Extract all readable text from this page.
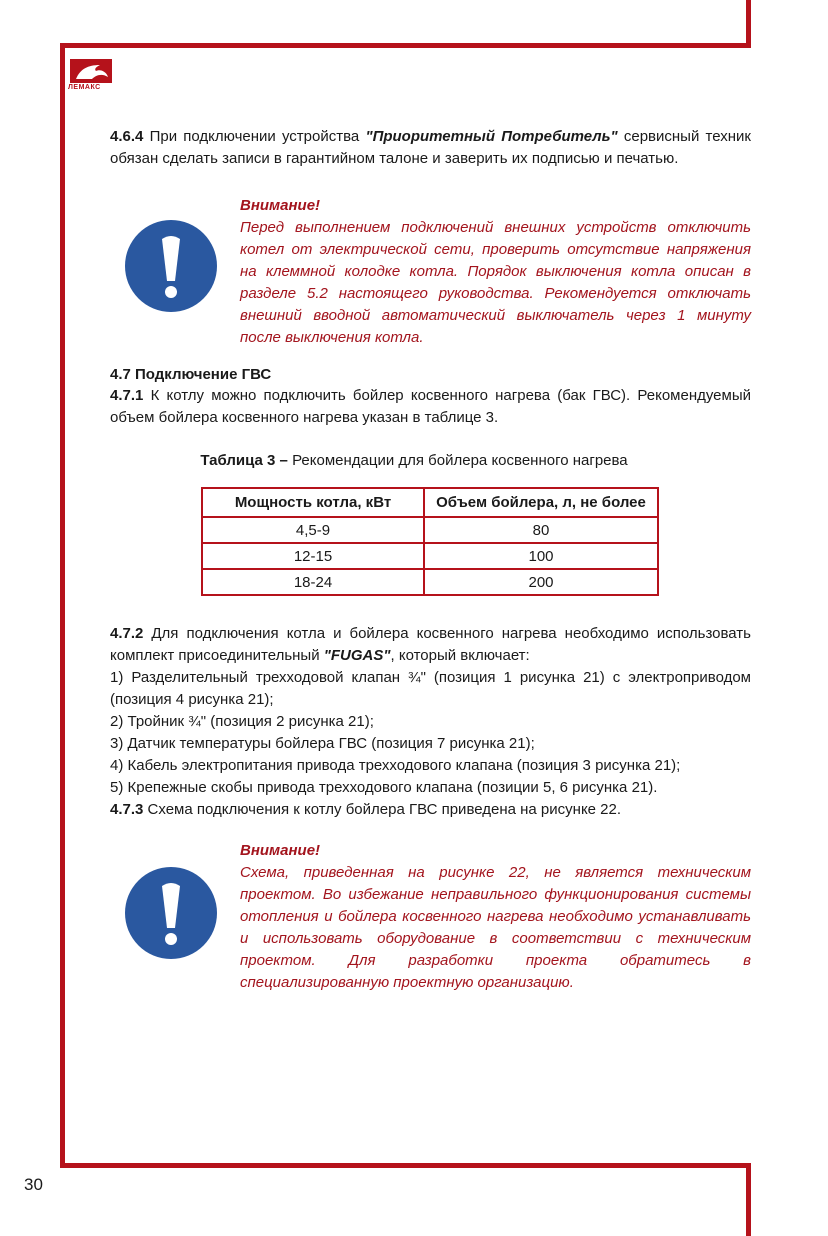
ЛЕМАКС

4.6.4 При подключении устройства "Приоритетный Потребитель" сервисный техник обязан сделать записи в гарантийном талоне и заверить их подписью и печатью.

Внимание!
Перед выполнением подключений внешних устройств отключить котел от электрической сети, проверить отсутствие напряжения на клеммной колодке котла. Порядок выключения котла описан в разделе 5.2 настоящего руководства. Рекомендуется отключать внешний вводной автоматический выключатель через 1 минуту после выключения котла.
4.7 Подключение ГВС

4.7.1 К котлу можно подключить бойлер косвенного нагрева (бак ГВС). Рекомендуемый объем бойлера косвенного нагрева указан в таблице 3.

Таблица 3 – Рекомендации для бойлера косвенного нагрева
Мощность котла, кВт	Объем бойлера, л, не более
4,5-9	80
12-15	100
18-24	200
4.7.2 Для подключения котла и бойлера косвенного нагрева необходимо использовать комплект присоединительный "FUGAS", который включает:
1) Разделительный трехходовой клапан ¾" (позиция 1 рисунка 21) с электроприводом (позиция 4 рисунка 21);
2) Тройник ¾" (позиция 2 рисунка 21);
3) Датчик температуры бойлера ГВС (позиция 7 рисунка 21);
4) Кабель электропитания привода трехходового клапана (позиция 3 рисунка 21);
5) Крепежные скобы привода трехходового клапана (позиции 5, 6 рисунка 21).
4.7.3 Схема подключения к котлу бойлера ГВС приведена на рисунке 22.
Внимание!
Схема, приведенная на рисунке 22, не является техническим проектом. Во избежание неправильного функционирования системы отопления и бойлера косвенного нагрева необходимо устанавливать и использовать оборудование в соответствии с техническим проектом. Для разработки проекта обратитесь в специализированную проектную организацию.
30
